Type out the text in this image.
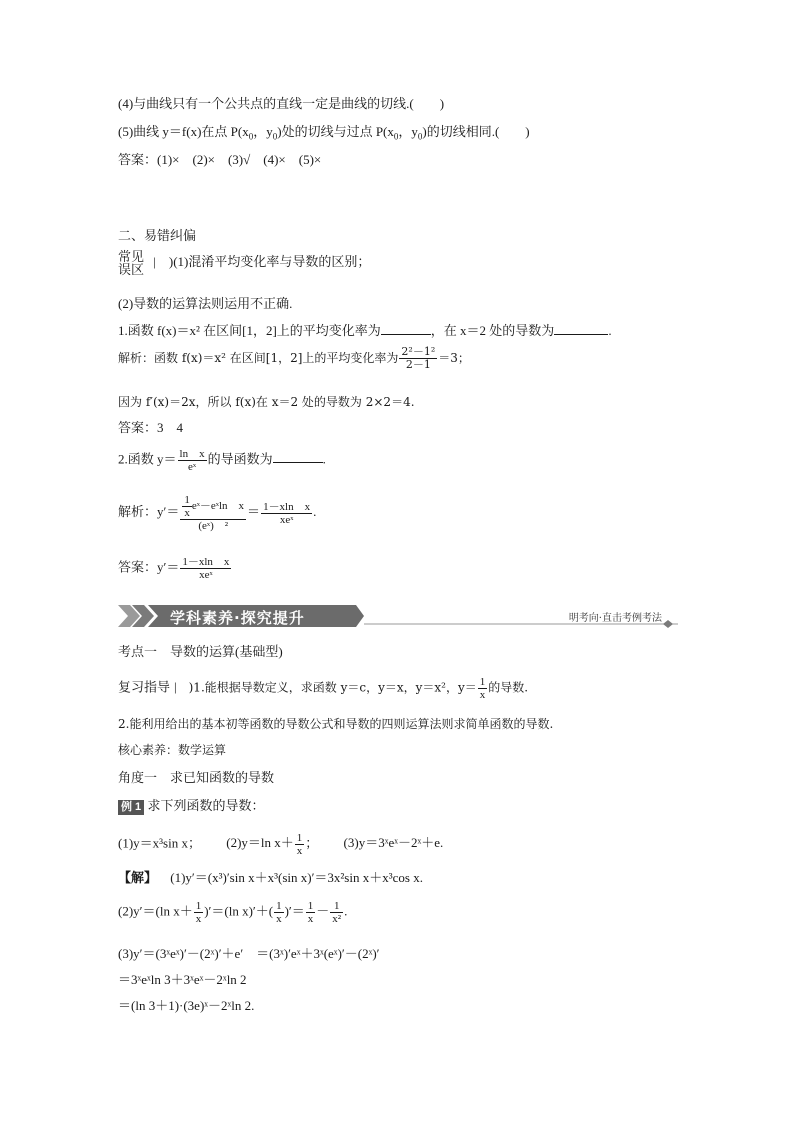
(4)与曲线只有一个公共点的直线一定是曲线的切线.(　　)
(5)曲线 y＝f(x)在点 $P(x_0$，$y_0$)处的切线与过点 $P(x_0$，$y_0$)的切线相同.(　　)
答案：(1)×　(2)×　(3)√　(4)×　(5)×
二、易错纠偏
常见
误区
|　)(1)混淆平均变化率与导数的区别；
(2)导数的运算法则运用不正确.
1.函数 f(x)＝x² 在区间[1，2]上的平均变化率为	，在 x＝2 处的导数为	.
解析：函数 f(x)＝x² 在区间[1，2]上的平均变化率为 $\frac{\text{2²－1²}}{2-1} =3$；
因为 f′(x)＝2x，所以 f(x)在 x＝2 处的导数为 2×2＝4.
答案：3　4
2.函数 $y= \frac{\text{ln　x}}{\text{eˣ}}$ 的导函数为	.
解析：$y'= \frac{\frac{1}{x} eˣ-eˣ\ln x}{\text{(eˣ)　²}} = \frac{\text{1－xln　x}}{\text{xeˣ}}$ .
答案：$y'= \frac{\text{1－xln　x}}{\text{xeˣ}}$
学科素养·探究提升	明考向·直击考例考法
考点一　导数的运算(基础型)
复习指导 |　)1.能根据导数定义，求函数 y＝c，y＝x，y＝x²，$y= \frac{1}{x}$ 的导数.
2.能利用给出的基本初等函数的导数公式和导数的四则运算法则求简单函数的导数.
核心素养：数学运算
角度一　求已知函数的导数
例 1 求下列函数的导数：
(1)y＝x³sin x； (2)y＝ln $x+ \frac{1}{x}$ ； (3)y＝3ˣeˣ－2ˣ＋e.
【解】 (1)y′＝(x³)′sin x＋x³(sin x)′＝3x²sin x＋x³cos x.
(2)y′＝(ln $x+ \frac{1}{x} )'=(\ln$ $x)'+( \frac{1}{x}$ )′＝ $\frac{1}{x} - \frac{1}{\text{x²}}$ .
(3)y′＝(3ˣeˣ)′－(2ˣ)′＋e′　＝(3ˣ)′eˣ＋3ˣ(eˣ)′－(2ˣ)′
＝3ˣeˣln 3＋3ˣeˣ－2ˣln 2
＝(ln 3＋1)·(3e)ˣ－2ˣln 2.
